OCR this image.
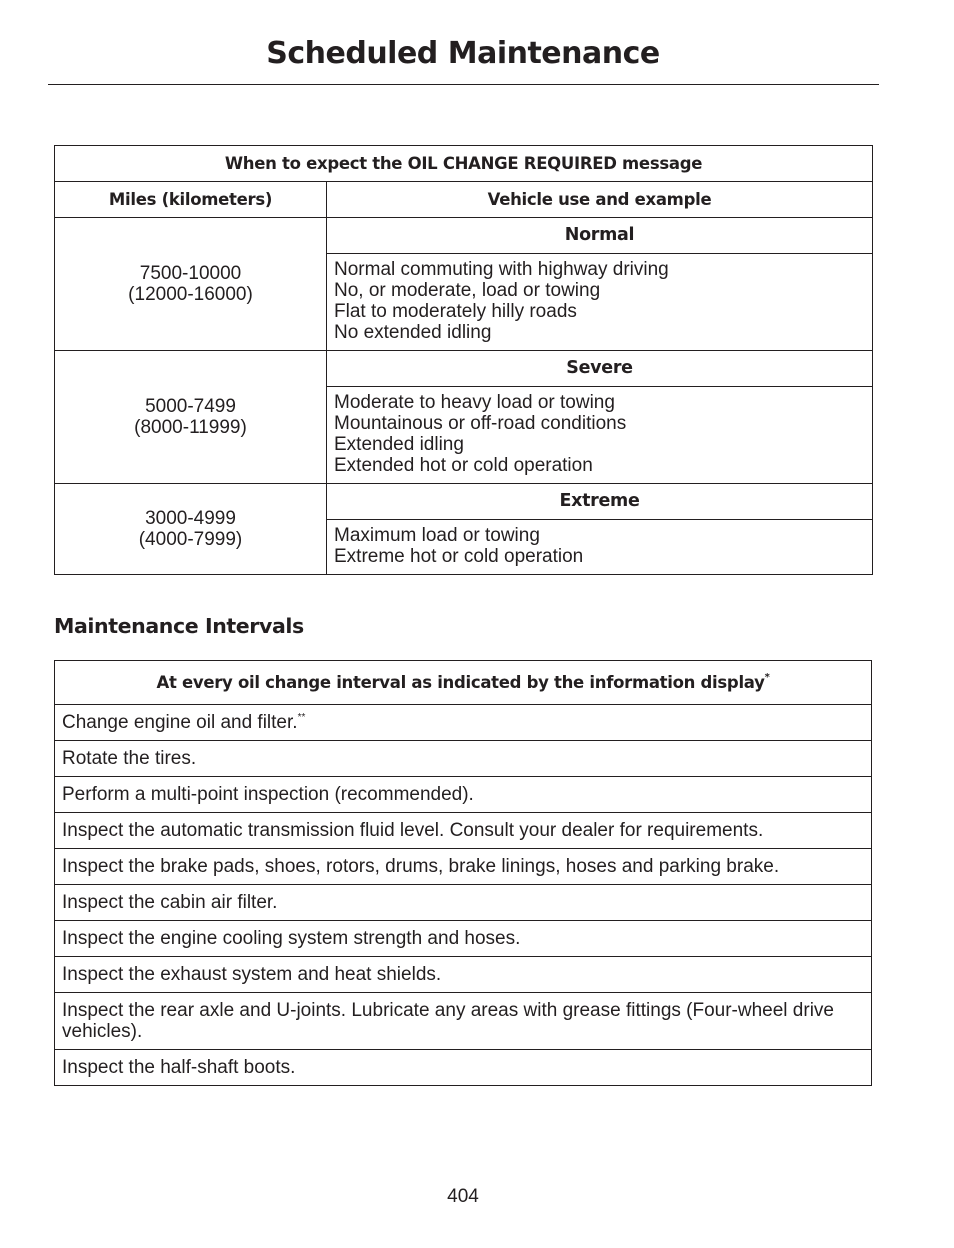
Scheduled Maintenance
When to expect the OIL CHANGE REQUIRED message	
Miles (kilometers)	Vehicle use and example

7500-10000
(12000-16000)	Normal

	Normal commuting with highway driving
No, or moderate, load or towing
Flat to moderately hilly roads
No extended idling

5000-7499
(8000-11999)	Severe

	Moderate to heavy load or towing
Mountainous or off-road conditions
Extended idling
Extended hot or cold operation

3000-4999
(4000-7999)	Extreme

	Maximum load or towing
Extreme hot or cold operation
Maintenance Intervals
At every oil change interval as indicated by the information display*
Change engine oil and filter.**
Rotate the tires.
Perform a multi-point inspection (recommended).
Inspect the automatic transmission fluid level. Consult your dealer for requirements.
Inspect the brake pads, shoes, rotors, drums, brake linings, hoses and parking brake.
Inspect the cabin air filter.
Inspect the engine cooling system strength and hoses.
Inspect the exhaust system and heat shields.
Inspect the rear axle and U-joints. Lubricate any areas with grease fittings (Four-wheel drive vehicles).
Inspect the half-shaft boots.
404
